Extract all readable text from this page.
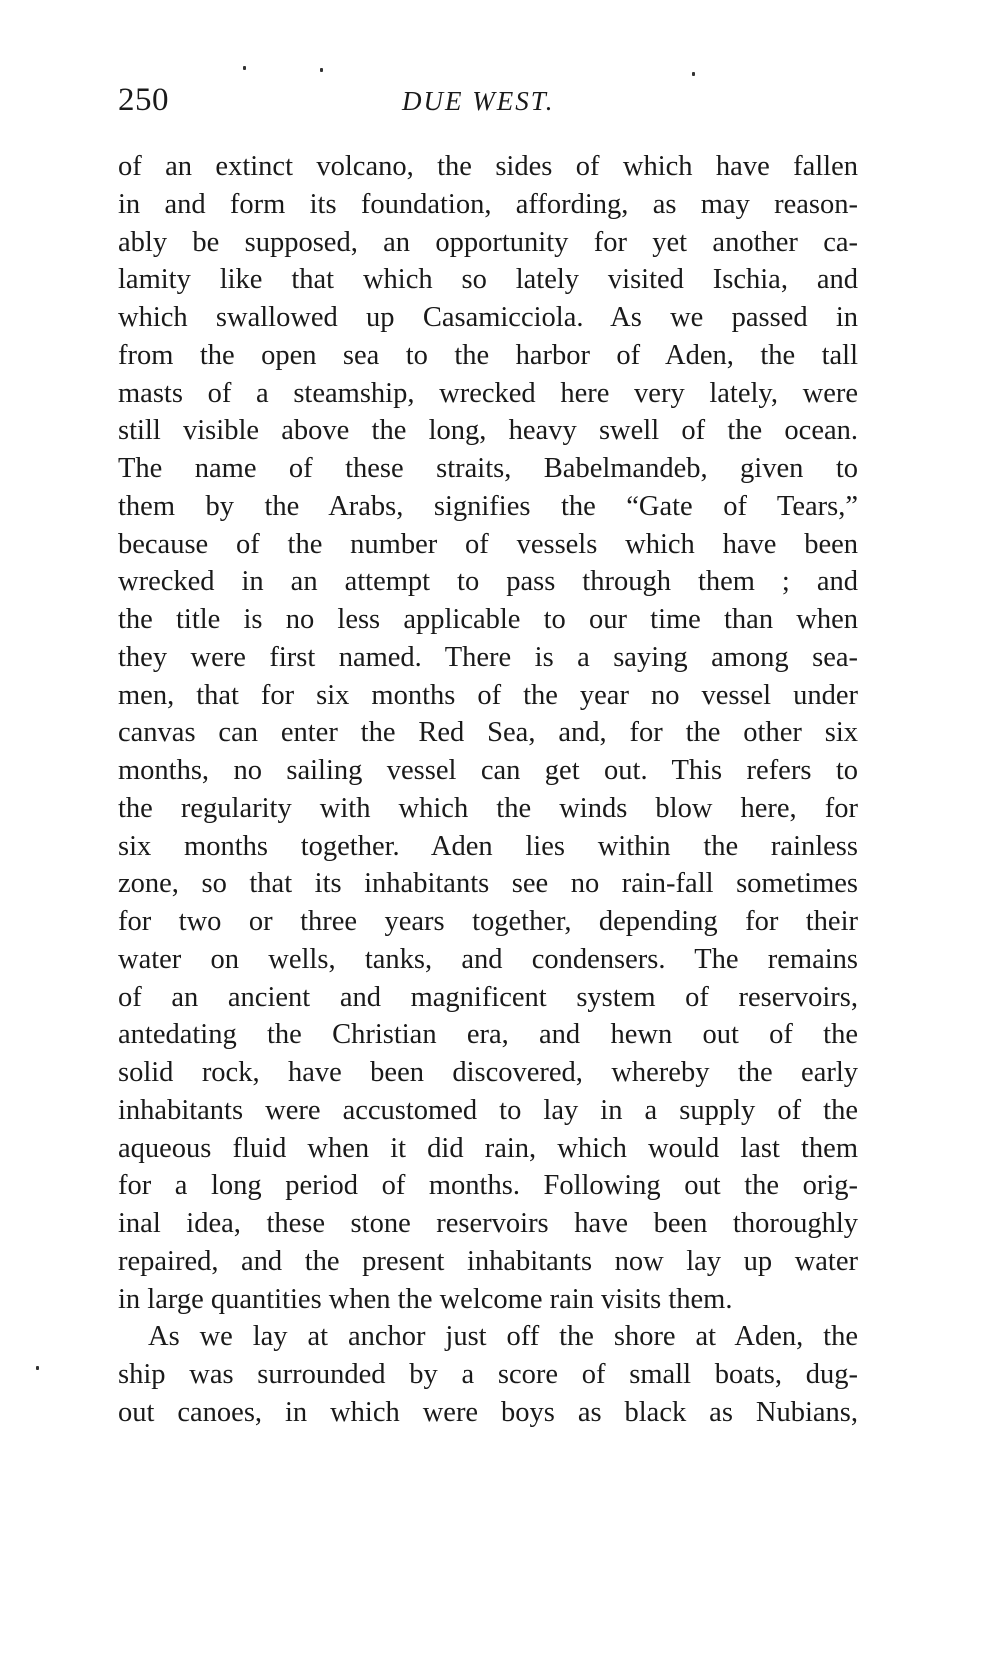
250	DUE WEST.
of an extinct volcano, the sides of which have fallen
in and form its foundation, affording, as may reason-
ably be supposed, an opportunity for yet another ca-
lamity like that which so lately visited Ischia, and
which swallowed up Casamicciola. As we passed in
from the open sea to the harbor of Aden, the tall
masts of a steamship, wrecked here very lately, were
still visible above the long, heavy swell of the ocean.
The name of these straits, Babelmandeb, given to
them by the Arabs, signifies the “Gate of Tears,”
because of the number of vessels which have been
wrecked in an attempt to pass through them ; and
the title is no less applicable to our time than when
they were first named. There is a saying among sea-
men, that for six months of the year no vessel under
canvas can enter the Red Sea, and, for the other six
months, no sailing vessel can get out. This refers to
the regularity with which the winds blow here, for
six months together. Aden lies within the rainless
zone, so that its inhabitants see no rain-fall sometimes
for two or three years together, depending for their
water on wells, tanks, and condensers. The remains
of an ancient and magnificent system of reservoirs,
antedating the Christian era, and hewn out of the
solid rock, have been discovered, whereby the early
inhabitants were accustomed to lay in a supply of the
aqueous fluid when it did rain, which would last them
for a long period of months. Following out the orig-
inal idea, these stone reservoirs have been thoroughly
repaired, and the present inhabitants now lay up water
in large quantities when the welcome rain visits them.
As we lay at anchor just off the shore at Aden, the
ship was surrounded by a score of small boats, dug-
out canoes, in which were boys as black as Nubians,
